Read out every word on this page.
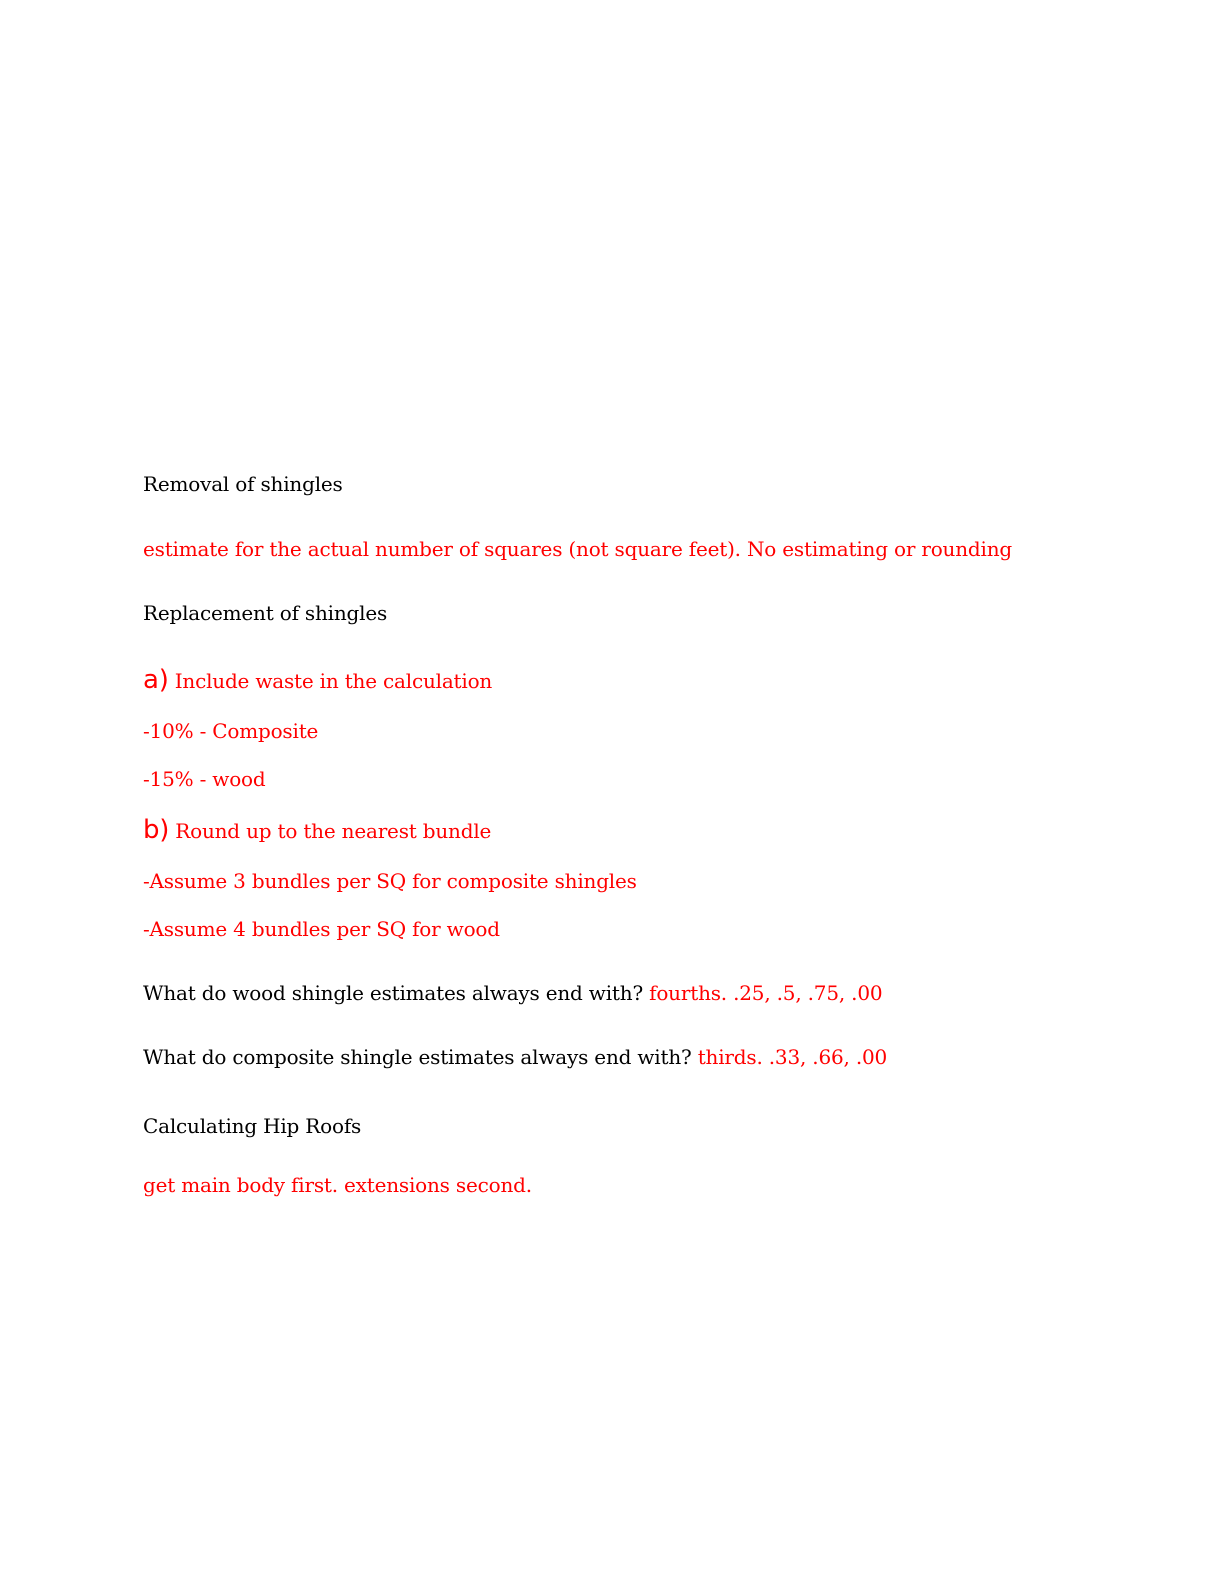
Removal of shingles
estimate for the actual number of squares (not square feet). No estimating or rounding
Replacement of shingles
a) Include waste in the calculation
-10% - Composite
-15% - wood
b) Round up to the nearest bundle
-Assume 3 bundles per SQ for composite shingles
-Assume 4 bundles per SQ for wood
What do wood shingle estimates always end with? fourths. .25, .5, .75, .00
What do composite shingle estimates always end with? thirds. .33, .66, .00
Calculating Hip Roofs
get main body first. extensions second.
